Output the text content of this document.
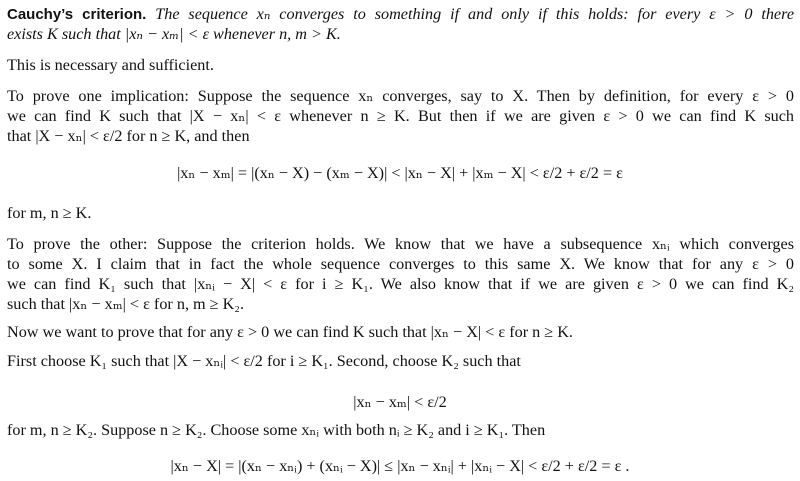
Cauchy’s criterion. The sequence xₙ converges to something if and only if this holds: for every ε > 0 there
exists K such that |xₙ − xₘ| < ε whenever n, m > K.
This is necessary and sufficient.
To prove one implication: Suppose the sequence xₙ converges, say to X. Then by definition, for every ε > 0
we can find K such that |X − xₙ| < ε whenever n ≥ K. But then if we are given ε > 0 we can find K such
that |X − xₙ| < ε/2 for n ≥ K, and then
|xₙ − xₘ| = |(xₙ − X) − (xₘ − X)| < |xₙ − X| + |xₘ − X| < ε/2 + ε/2 = ε
for m, n ≥ K.
To prove the other: Suppose the criterion holds. We know that we have a subsequence xₙᵢ which converges
to some X. I claim that in fact the whole sequence converges to this same X. We know that for any ε > 0
we can find K₁ such that |xₙᵢ − X| < ε for i ≥ K₁. We also know that if we are given ε > 0 we can find K₂
such that |xₙ − xₘ| < ε for n, m ≥ K₂.
Now we want to prove that for any ε > 0 we can find K such that |xₙ − X| < ε for n ≥ K.
First choose K₁ such that |X − xₙᵢ| < ε/2 for i ≥ K₁. Second, choose K₂ such that
|xₙ − xₘ| < ε/2
for m, n ≥ K₂. Suppose n ≥ K₂. Choose some xₙᵢ with both nᵢ ≥ K₂ and i ≥ K₁. Then
|xₙ − X| = |(xₙ − xₙᵢ) + (xₙᵢ − X)| ≤ |xₙ − xₙᵢ| + |xₙᵢ − X| < ε/2 + ε/2 = ε .
